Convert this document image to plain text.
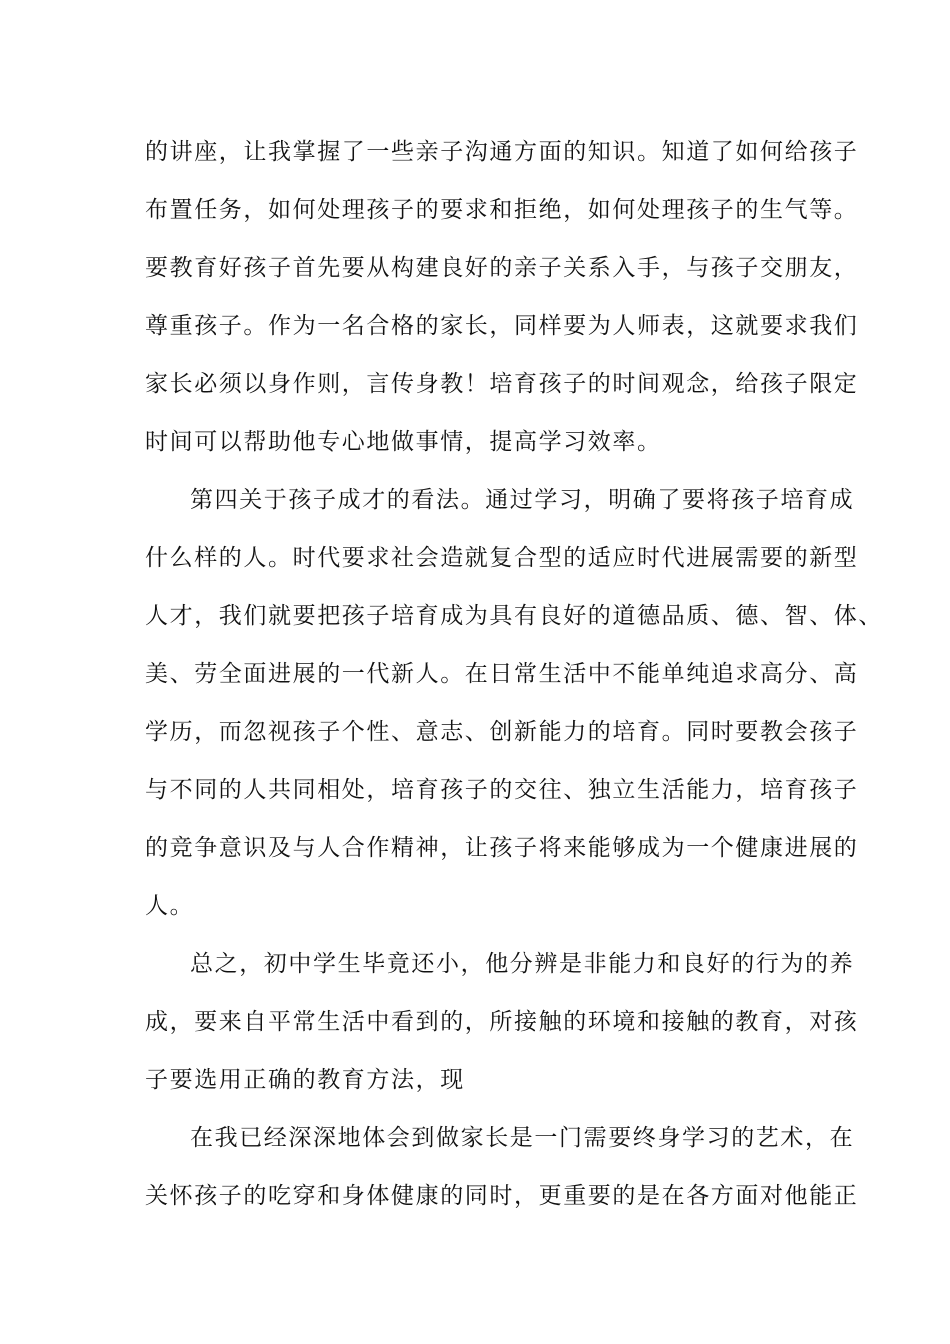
的讲座，让我掌握了一些亲子沟通方面的知识。知道了如何给孩子
布置任务，如何处理孩子的要求和拒绝，如何处理孩子的生气等。
要教育好孩子首先要从构建良好的亲子关系入手，与孩子交朋友，
尊重孩子。作为一名合格的家长，同样要为人师表，这就要求我们
家长必须以身作则，言传身教！培育孩子的时间观念，给孩子限定
时间可以帮助他专心地做事情，提高学习效率。
第四关于孩子成才的看法。通过学习，明确了要将孩子培育成
什么样的人。时代要求社会造就复合型的适应时代进展需要的新型
人才，我们就要把孩子培育成为具有良好的道德品质、德、智、体、
美、劳全面进展的一代新人。在日常生活中不能单纯追求高分、高
学历，而忽视孩子个性、意志、创新能力的培育。同时要教会孩子
与不同的人共同相处，培育孩子的交往、独立生活能力，培育孩子
的竞争意识及与人合作精神，让孩子将来能够成为一个健康进展的
人。
总之，初中学生毕竟还小，他分辨是非能力和良好的行为的养
成，要来自平常生活中看到的，所接触的环境和接触的教育，对孩
子要选用正确的教育方法，现
在我已经深深地体会到做家长是一门需要终身学习的艺术，在
关怀孩子的吃穿和身体健康的同时，更重要的是在各方面对他能正
